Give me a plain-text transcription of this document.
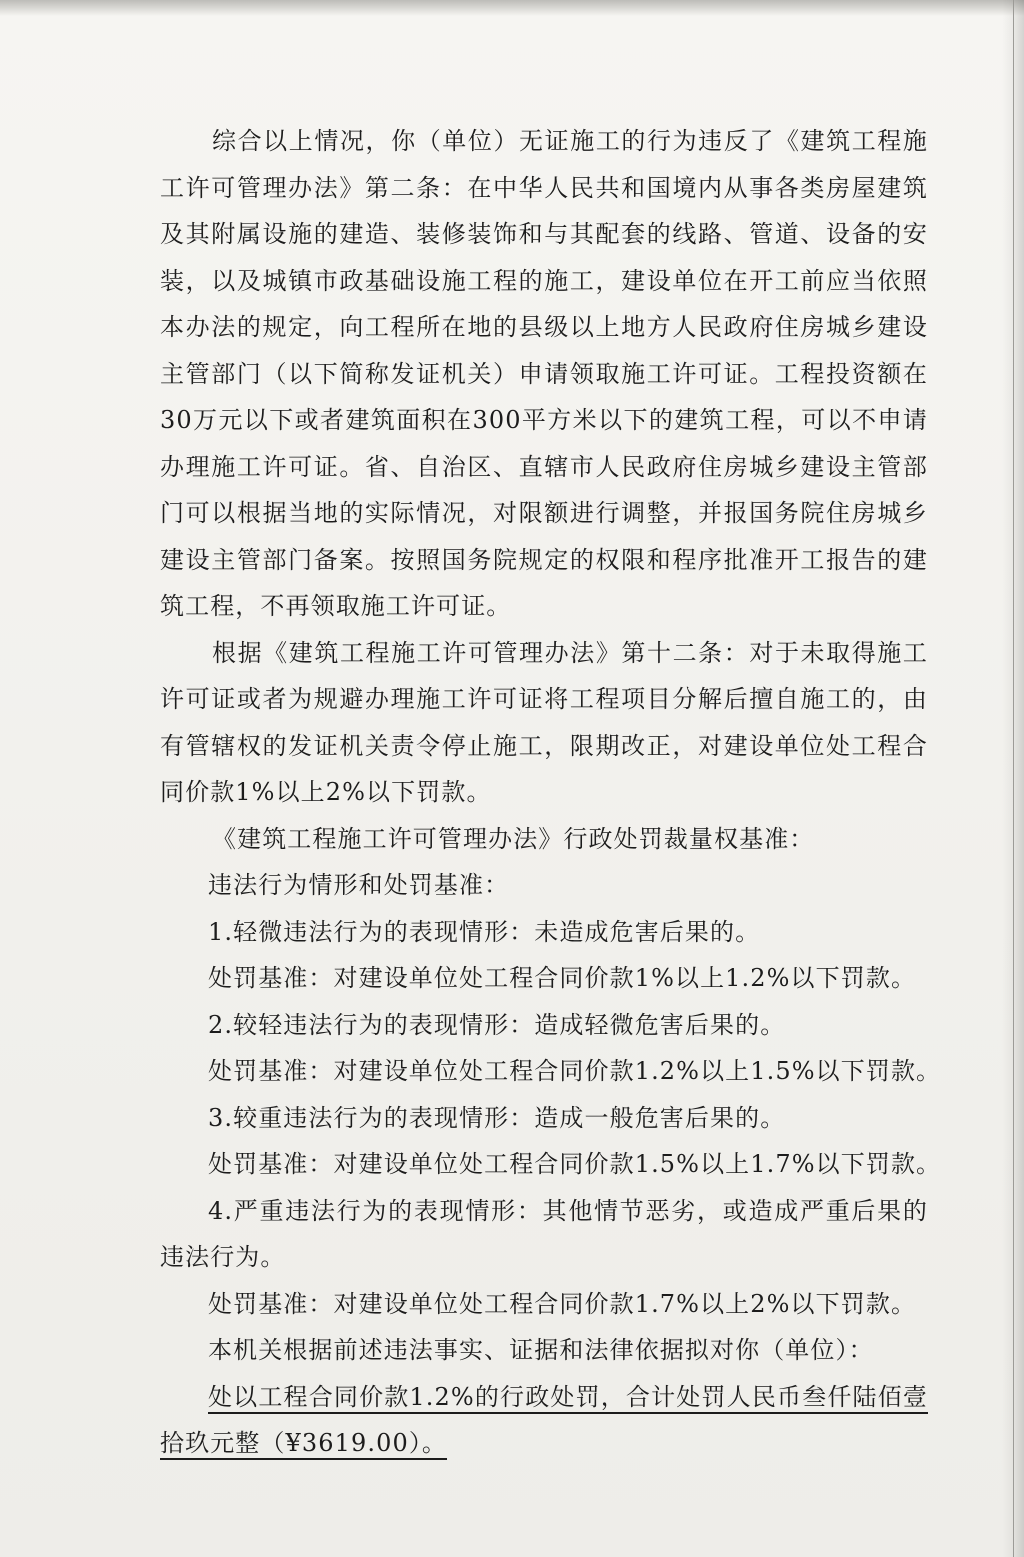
综合以上情况，你（单位）无证施工的行为违反了《建筑工程施工许可管理办法》第二条：在中华人民共和国境内从事各类房屋建筑及其附属设施的建造、装修装饰和与其配套的线路、管道、设备的安装，以及城镇市政基础设施工程的施工，建设单位在开工前应当依照本办法的规定，向工程所在地的县级以上地方人民政府住房城乡建设主管部门（以下简称发证机关）申请领取施工许可证。工程投资额在30万元以下或者建筑面积在300平方米以下的建筑工程，可以不申请办理施工许可证。省、自治区、直辖市人民政府住房城乡建设主管部门可以根据当地的实际情况，对限额进行调整，并报国务院住房城乡建设主管部门备案。按照国务院规定的权限和程序批准开工报告的建筑工程，不再领取施工许可证。

根据《建筑工程施工许可管理办法》第十二条：对于未取得施工许可证或者为规避办理施工许可证将工程项目分解后擅自施工的，由有管辖权的发证机关责令停止施工，限期改正，对建设单位处工程合同价款1%以上2%以下罚款。

《建筑工程施工许可管理办法》行政处罚裁量权基准：

违法行为情形和处罚基准：

1.轻微违法行为的表现情形：未造成危害后果的。

处罚基准：对建设单位处工程合同价款1%以上1.2%以下罚款。

2.较轻违法行为的表现情形：造成轻微危害后果的。

处罚基准：对建设单位处工程合同价款1.2%以上1.5%以下罚款。

3.较重违法行为的表现情形：造成一般危害后果的。

处罚基准：对建设单位处工程合同价款1.5%以上1.7%以下罚款。

4.严重违法行为的表现情形：其他情节恶劣，或造成严重后果的违法行为。

处罚基准：对建设单位处工程合同价款1.7%以上2%以下罚款。

本机关根据前述违法事实、证据和法律依据拟对你（单位）：

处以工程合同价款1.2%的行政处罚，合计处罚人民币叁仟陆佰壹拾玖元整（¥3619.00）。
